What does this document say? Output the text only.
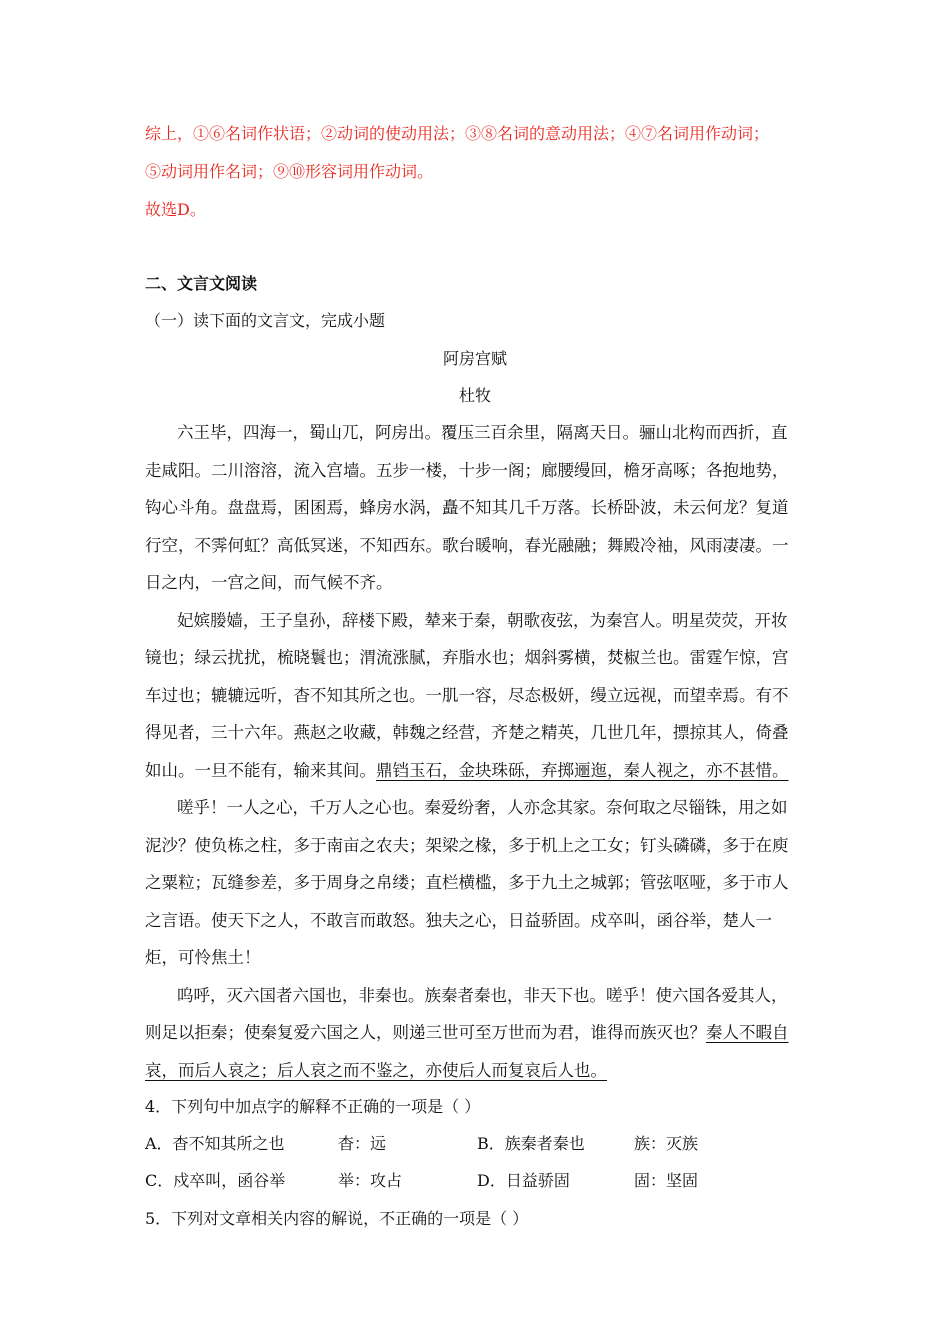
综上，①⑥名词作状语；②动词的使动用法；③⑧名词的意动用法；④⑦名词用作动词；
⑤动词用作名词；⑨⑩形容词用作动词。
故选D。
二、文言文阅读
（一）读下面的文言文，完成小题
阿房宫赋
杜牧
六王毕，四海一，蜀山兀，阿房出。覆压三百余里，隔离天日。骊山北构而西折，直
走咸阳。二川溶溶，流入宫墙。五步一楼，十步一阁；廊腰缦回，檐牙高啄；各抱地势，
钩心斗角。盘盘焉，囷囷焉，蜂房水涡，矗不知其几千万落。长桥卧波，未云何龙？复道
行空，不霁何虹？高低冥迷，不知西东。歌台暖响，春光融融；舞殿冷袖，风雨凄凄。一
日之内，一宫之间，而气候不齐。
妃嫔媵嫱，王子皇孙，辞楼下殿，辇来于秦，朝歌夜弦，为秦宫人。明星荧荧，开妆
镜也；绿云扰扰，梳晓鬟也；渭流涨腻，弃脂水也；烟斜雾横，焚椒兰也。雷霆乍惊，宫
车过也；辘辘远听，杳不知其所之也。一肌一容，尽态极妍，缦立远视，而望幸焉。有不
得见者，三十六年。燕赵之收藏，韩魏之经营，齐楚之精英，几世几年，摽掠其人，倚叠
如山。一旦不能有，输来其间。鼎铛玉石，金块珠砾，弃掷逦迤，秦人视之，亦不甚惜。
嗟乎！一人之心，千万人之心也。秦爱纷奢，人亦念其家。奈何取之尽锱铢，用之如
泥沙？使负栋之柱，多于南亩之农夫；架梁之椽，多于机上之工女；钉头磷磷，多于在庾
之粟粒；瓦缝参差，多于周身之帛缕；直栏横槛，多于九土之城郭；管弦呕哑，多于市人
之言语。使天下之人，不敢言而敢怒。独夫之心，日益骄固。戍卒叫，函谷举，楚人一
炬，可怜焦土！
呜呼，灭六国者六国也，非秦也。族秦者秦也，非天下也。嗟乎！使六国各爱其人，
则足以拒秦；使秦复爱六国之人，则递三世可至万世而为君，谁得而族灭也？秦人不暇自
哀，而后人哀之；后人哀之而不鉴之，亦使后人而复哀后人也。
4．下列句中加点字的解释不正确的一项是（ ）
A．杳不知其所之也	杳：远	B．族秦者秦也	族：灭族
C．戍卒叫，函谷举	举：攻占	D．日益骄固	固：坚固
5．下列对文章相关内容的解说，不正确的一项是（ ）
